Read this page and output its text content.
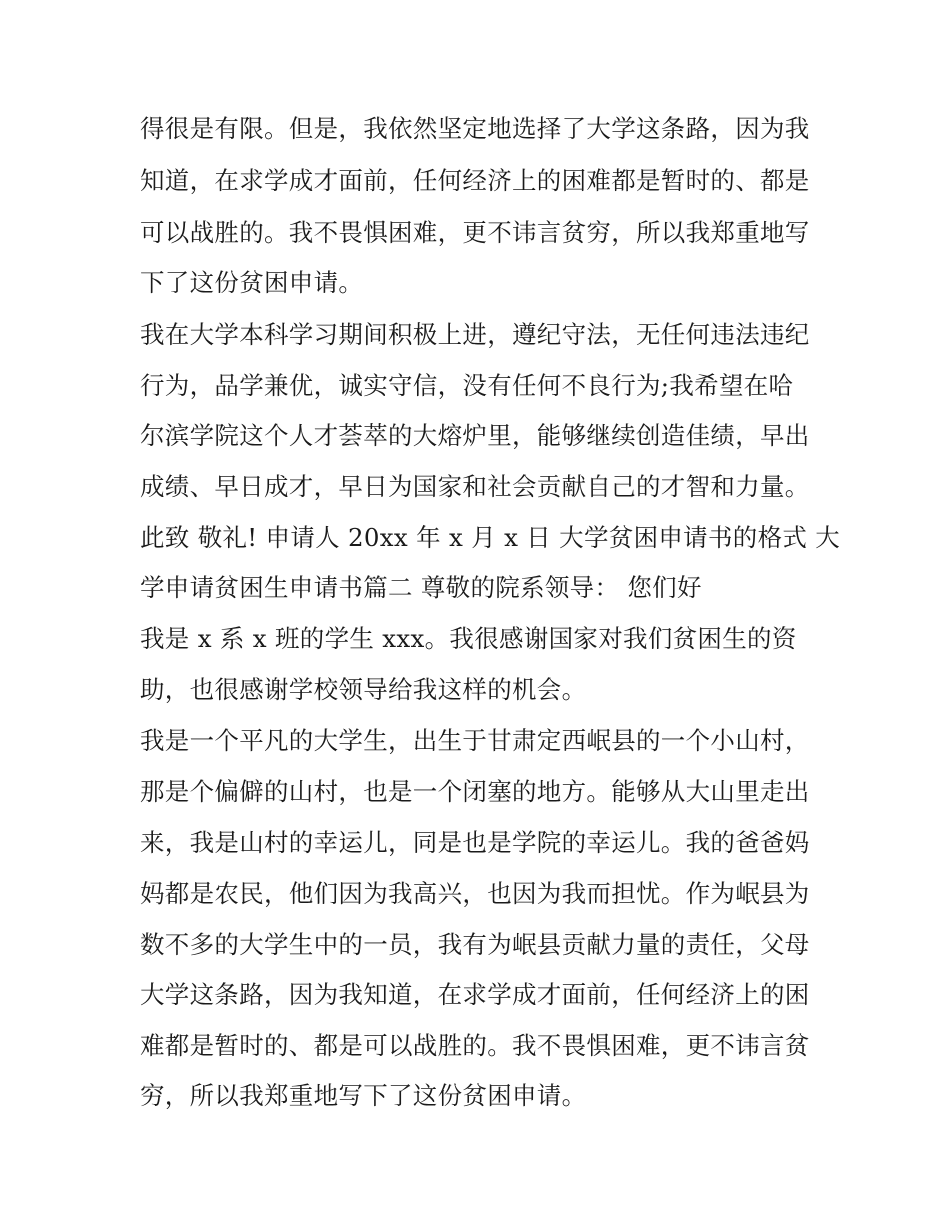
得很是有限。但是，我依然坚定地选择了大学这条路，因为我
知道，在求学成才面前，任何经济上的困难都是暂时的、都是
可以战胜的。我不畏惧困难，更不讳言贫穷，所以我郑重地写
下了这份贫困申请。
我在大学本科学习期间积极上进，遵纪守法，无任何违法违纪
行为，品学兼优，诚实守信，没有任何不良行为;我希望在哈
尔滨学院这个人才荟萃的大熔炉里，能够继续创造佳绩，早出
成绩、早日成才，早日为国家和社会贡献自己的才智和力量。
此致 敬礼! 申请人 20xx 年 x 月 x 日 大学贫困申请书的格式 大
学申请贫困生申请书篇二 尊敬的院系领导： 您们好
我是 x 系 x 班的学生 xxx。我很感谢国家对我们贫困生的资
助，也很感谢学校领导给我这样的机会。
我是一个平凡的大学生，出生于甘肃定西岷县的一个小山村，
那是个偏僻的山村，也是一个闭塞的地方。能够从大山里走出
来，我是山村的幸运儿，同是也是学院的幸运儿。我的爸爸妈
妈都是农民，他们因为我高兴，也因为我而担忧。作为岷县为
数不多的大学生中的一员，我有为岷县贡献力量的责任，父母
大学这条路，因为我知道，在求学成才面前，任何经济上的困
难都是暂时的、都是可以战胜的。我不畏惧困难，更不讳言贫
穷，所以我郑重地写下了这份贫困申请。
